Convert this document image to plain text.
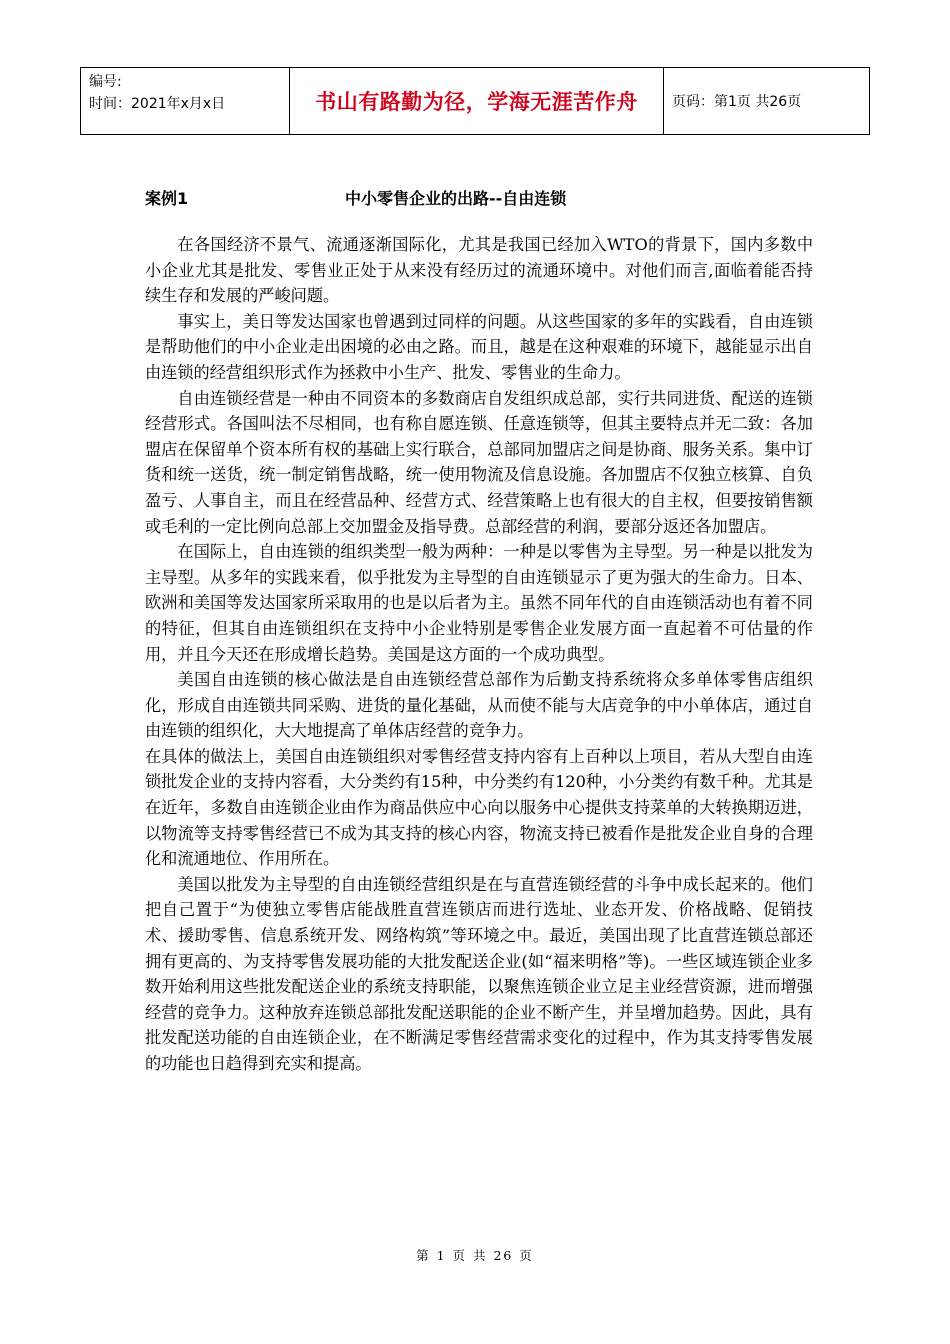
编号:
时间：2021年x月x日	书山有路勤为径，学海无涯苦作舟	页码：第1页 共26页
案例1	中小零售企业的出路--自由连锁

在各国经济不景气、流通逐渐国际化，尤其是我国已经加入WTO的背景下，国内多数中小企业尤其是批发、零售业正处于从来没有经历过的流通环境中。对他们而言,面临着能否持续生存和发展的严峻问题。

事实上，美日等发达国家也曾遇到过同样的问题。从这些国家的多年的实践看，自由连锁是帮助他们的中小企业走出困境的必由之路。而且，越是在这种艰难的环境下，越能显示出自由连锁的经营组织形式作为拯救中小生产、批发、零售业的生命力。

自由连锁经营是一种由不同资本的多数商店自发组织成总部，实行共同进货、配送的连锁经营形式。各国叫法不尽相同，也有称自愿连锁、任意连锁等，但其主要特点并无二致：各加盟店在保留单个资本所有权的基础上实行联合，总部同加盟店之间是协商、服务关系。集中订货和统一送货，统一制定销售战略，统一使用物流及信息设施。各加盟店不仅独立核算、自负盈亏、人事自主，而且在经营品种、经营方式、经营策略上也有很大的自主权，但要按销售额或毛利的一定比例向总部上交加盟金及指导费。总部经营的利润，要部分返还各加盟店。

在国际上，自由连锁的组织类型一般为两种：一种是以零售为主导型。另一种是以批发为主导型。从多年的实践来看，似乎批发为主导型的自由连锁显示了更为强大的生命力。日本、欧洲和美国等发达国家所采取用的也是以后者为主。虽然不同年代的自由连锁活动也有着不同的特征，但其自由连锁组织在支持中小企业特别是零售企业发展方面一直起着不可估量的作用，并且今天还在形成增长趋势。美国是这方面的一个成功典型。

美国自由连锁的核心做法是自由连锁经营总部作为后勤支持系统将众多单体零售店组织化，形成自由连锁共同采购、进货的量化基础，从而使不能与大店竞争的中小单体店，通过自由连锁的组织化，大大地提高了单体店经营的竞争力。

在具体的做法上，美国自由连锁组织对零售经营支持内容有上百种以上项目，若从大型自由连锁批发企业的支持内容看，大分类约有15种，中分类约有120种，小分类约有数千种。尤其是在近年，多数自由连锁企业由作为商品供应中心向以服务中心提供支持菜单的大转换期迈进，以物流等支持零售经营已不成为其支持的核心内容，物流支持已被看作是批发企业自身的合理化和流通地位、作用所在。

美国以批发为主导型的自由连锁经营组织是在与直营连锁经营的斗争中成长起来的。他们把自己置于“为使独立零售店能战胜直营连锁店而进行选址、业态开发、价格战略、促销技术、援助零售、信息系统开发、网络构筑”等环境之中。最近，美国出现了比直营连锁总部还拥有更高的、为支持零售发展功能的大批发配送企业(如“福来明格”等)。一些区域连锁企业多数开始利用这些批发配送企业的系统支持职能，以聚焦连锁企业立足主业经营资源，进而增强经营的竞争力。这种放弃连锁总部批发配送职能的企业不断产生，并呈增加趋势。因此，具有批发配送功能的自由连锁企业，在不断满足零售经营需求变化的过程中，作为其支持零售发展的功能也日趋得到充实和提高。

第 1 页 共 26 页
